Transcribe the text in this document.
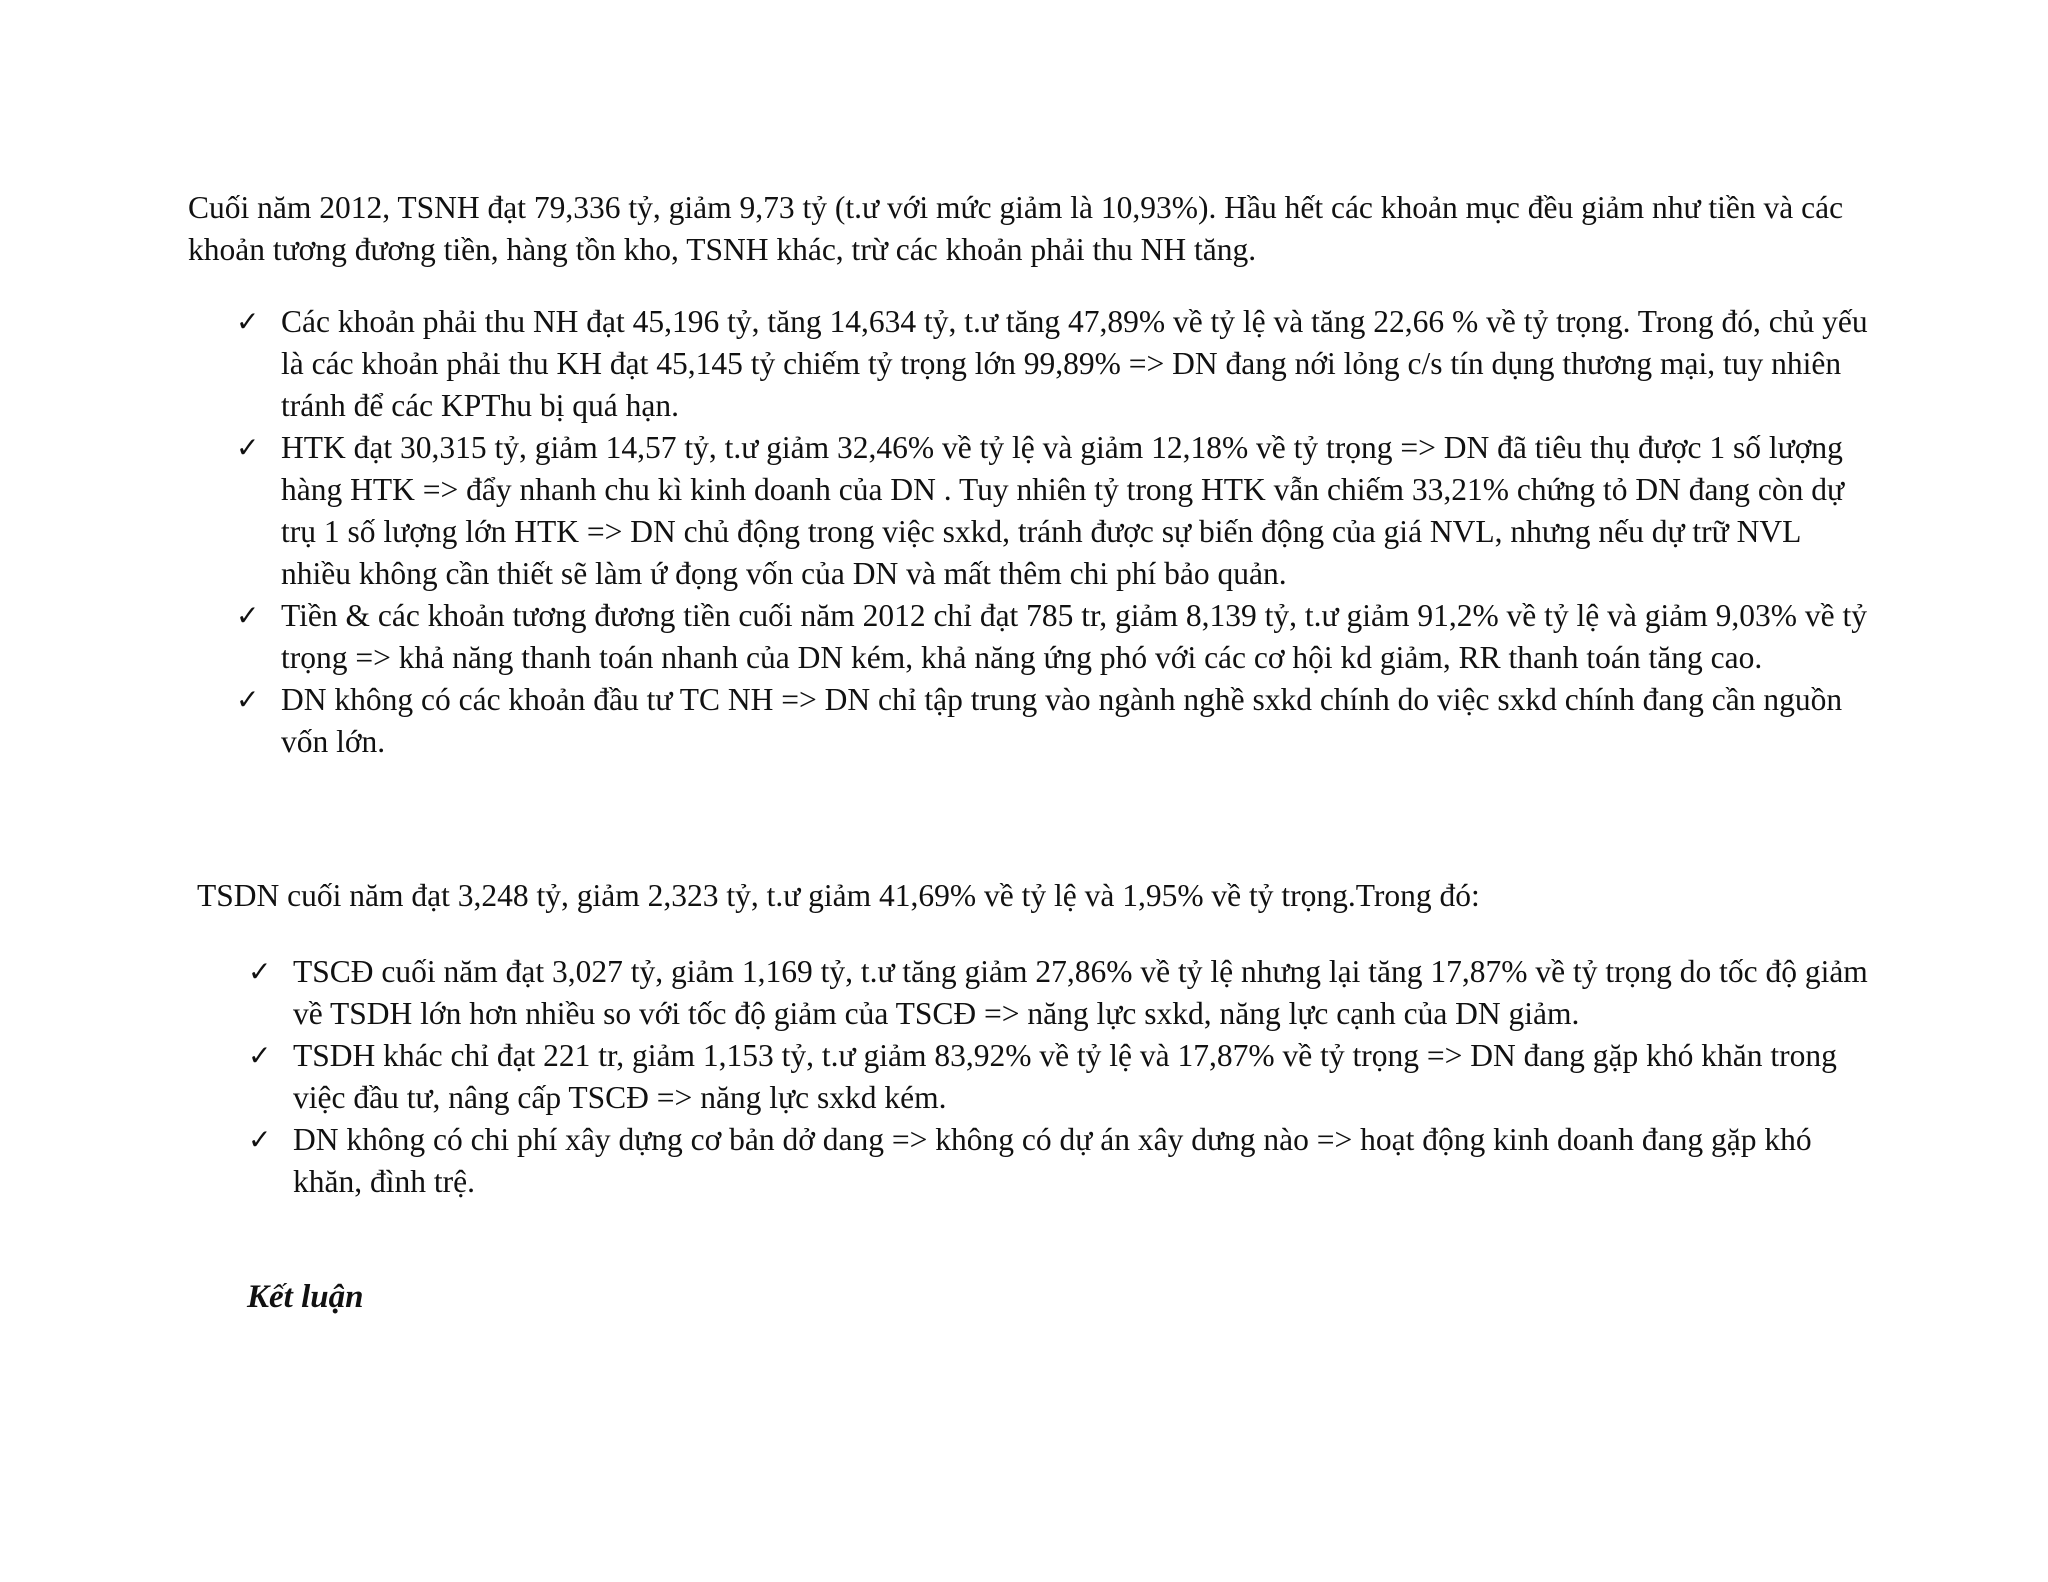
Cuối năm 2012, TSNH đạt 79,336 tỷ, giảm 9,73 tỷ (t.ư với mức giảm là 10,93%). Hầu hết các khoản mục đều giảm như tiền và các khoản tương đương tiền, hàng tồn kho, TSNH khác, trừ các khoản phải thu NH tăng.

✓ Các khoản phải thu NH đạt 45,196 tỷ, tăng 14,634 tỷ, t.ư tăng 47,89% về tỷ lệ và tăng 22,66 % về tỷ trọng. Trong đó, chủ yếu là các khoản phải thu KH đạt 45,145 tỷ chiếm tỷ trọng lớn 99,89% => DN đang nới lỏng c/s tín dụng thương mại, tuy nhiên tránh để các KPThu bị quá hạn.
✓ HTK đạt 30,315 tỷ, giảm 14,57 tỷ, t.ư giảm 32,46% về tỷ lệ và giảm 12,18% về tỷ trọng => DN đã tiêu thụ được 1 số lượng hàng HTK => đẩy nhanh chu kì kinh doanh của DN . Tuy nhiên tỷ trong HTK vẫn chiếm 33,21% chứng tỏ DN đang còn dự trụ 1 số lượng lớn HTK => DN chủ động trong việc sxkd, tránh được sự biến động của giá NVL, nhưng nếu dự trữ NVL nhiều không cần thiết sẽ làm ứ đọng vốn của DN và mất thêm chi phí bảo quản.
✓ Tiền & các khoản tương đương tiền cuối năm 2012 chỉ đạt 785 tr, giảm 8,139 tỷ, t.ư giảm 91,2% về tỷ lệ và giảm 9,03% về tỷ trọng => khả năng thanh toán nhanh của DN kém, khả năng ứng phó với các cơ hội kd giảm, RR thanh toán tăng cao.
✓ DN không có các khoản đầu tư TC NH => DN chỉ tập trung vào ngành nghề sxkd chính do việc sxkd chính đang cần nguồn vốn lớn.

TSDN cuối năm đạt 3,248 tỷ, giảm 2,323 tỷ, t.ư giảm 41,69% về tỷ lệ và 1,95% về tỷ trọng.Trong đó:

✓ TSCĐ cuối năm đạt 3,027 tỷ, giảm 1,169 tỷ, t.ư tăng giảm 27,86% về tỷ lệ nhưng lại tăng 17,87% về tỷ trọng do tốc độ giảm về TSDH lớn hơn nhiều so với tốc độ giảm của TSCĐ => năng lực sxkd, năng lực cạnh của DN giảm.
✓ TSDH khác chỉ đạt 221 tr, giảm 1,153 tỷ, t.ư giảm 83,92% về tỷ lệ và 17,87% về tỷ trọng => DN đang gặp khó khăn trong việc đầu tư, nâng cấp TSCĐ => năng lực sxkd kém.
✓ DN không có chi phí xây dựng cơ bản dở dang => không có dự án xây dưng nào => hoạt động kinh doanh đang gặp khó khăn, đình trệ.

Kết luận
